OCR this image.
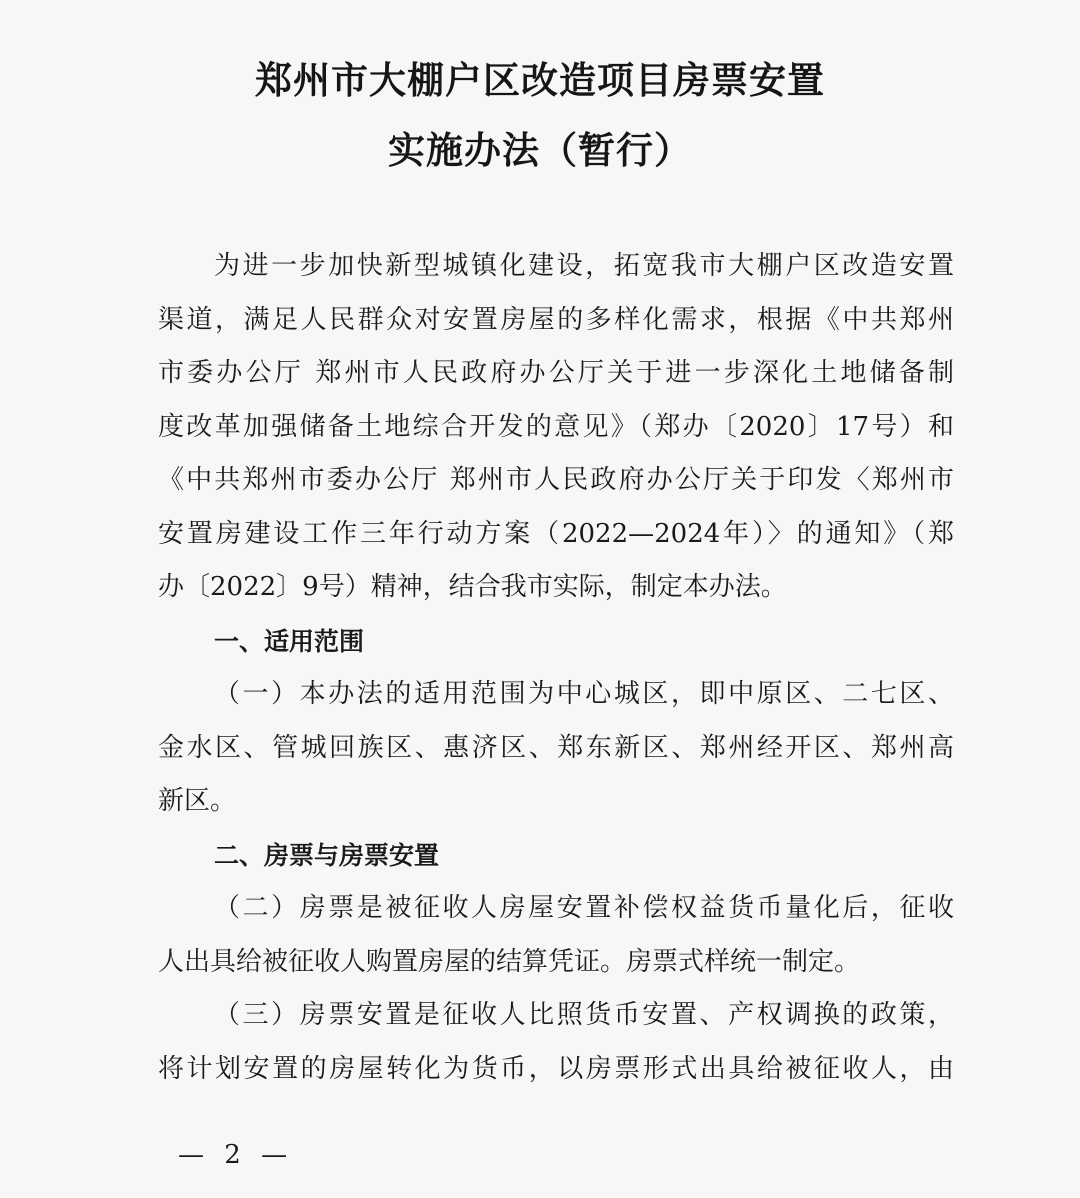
郑州市大棚户区改造项目房票安置
实施办法（暂行）
为进一步加快新型城镇化建设，拓宽我市大棚户区改造安置
渠道，满足人民群众对安置房屋的多样化需求，根据《中共郑州
市委办公厅 郑州市人民政府办公厅关于进一步深化土地储备制
度改革加强储备土地综合开发的意见》（郑办〔2020〕17号）和
《中共郑州市委办公厅 郑州市人民政府办公厅关于印发〈郑州市
安置房建设工作三年行动方案（2022—2024年）〉的通知》（郑
办〔2022〕9号）精神，结合我市实际，制定本办法。
一、适用范围
（一）本办法的适用范围为中心城区，即中原区、二七区、
金水区、管城回族区、惠济区、郑东新区、郑州经开区、郑州高
新区。
二、房票与房票安置
（二）房票是被征收人房屋安置补偿权益货币量化后，征收
人出具给被征收人购置房屋的结算凭证。房票式样统一制定。
（三）房票安置是征收人比照货币安置、产权调换的政策，
将计划安置的房屋转化为货币，以房票形式出具给被征收人，由
— 2 —
